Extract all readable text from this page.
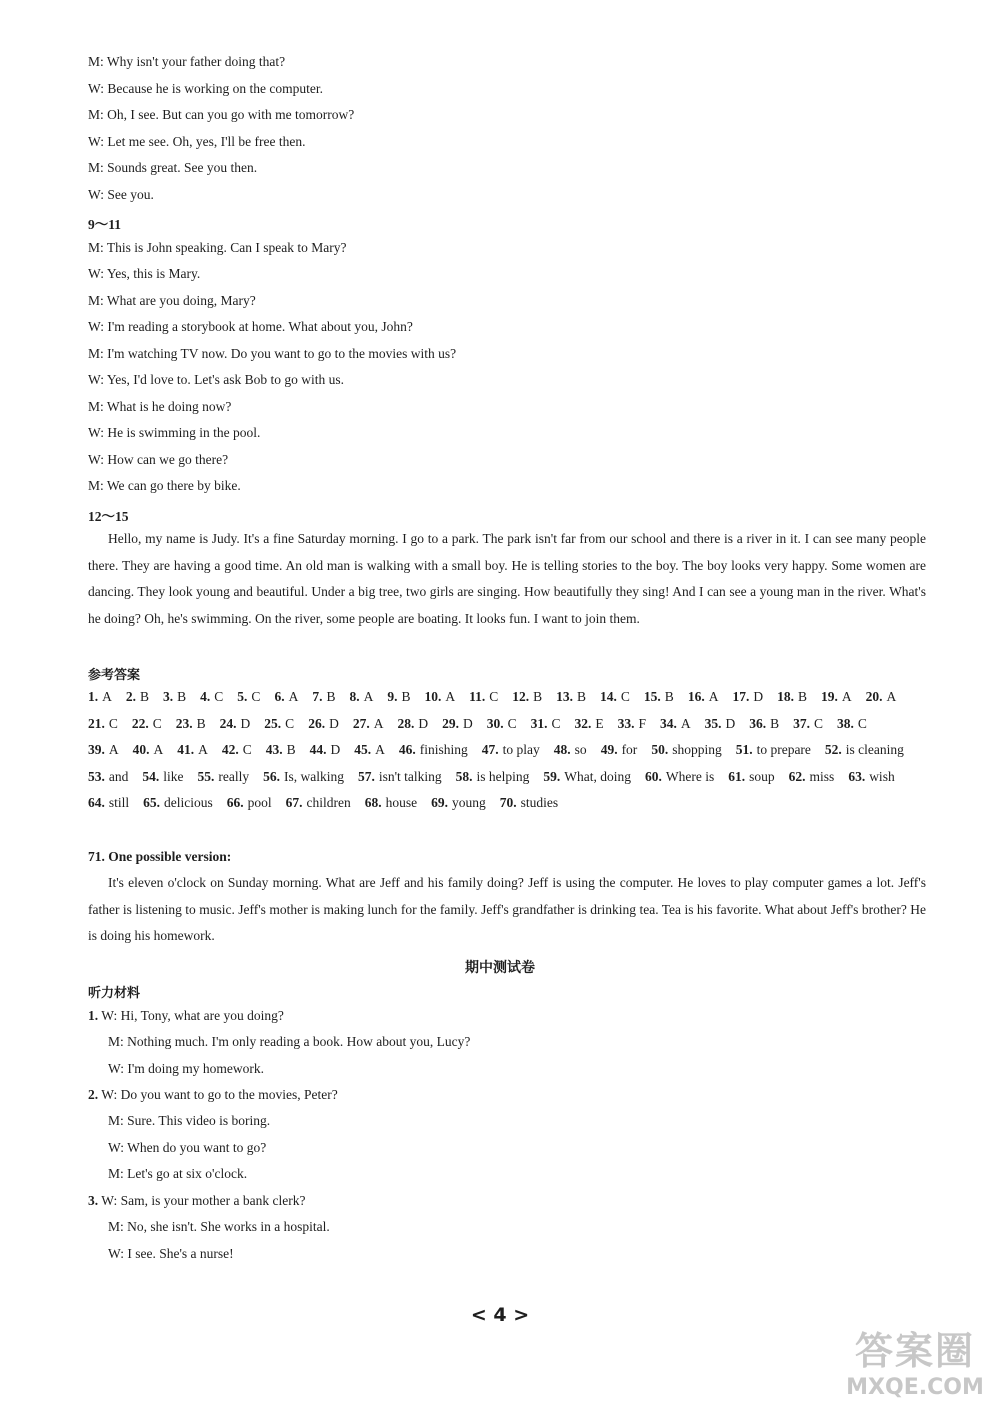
M: Why isn't your father doing that?
W: Because he is working on the computer.
M: Oh, I see. But can you go with me tomorrow?
W: Let me see. Oh, yes, I'll be free then.
M: Sounds great. See you then.
W: See you.
9～11
M: This is John speaking. Can I speak to Mary?
W: Yes, this is Mary.
M: What are you doing, Mary?
W: I'm reading a storybook at home. What about you, John?
M: I'm watching TV now. Do you want to go to the movies with us?
W: Yes, I'd love to. Let's ask Bob to go with us.
M: What is he doing now?
W: He is swimming in the pool.
W: How can we go there?
M: We can go there by bike.
12～15

Hello, my name is Judy. It's a fine Saturday morning. I go to a park. The park isn't far from our school and there is a river in it. I can see many people there. They are having a good time. An old man is walking with a small boy. He is telling stories to the boy. The boy looks very happy. Some women are dancing. They look young and beautiful. Under a big tree, two girls are singing. How beautifully they sing! And I can see a young man in the river. What's he doing? Oh, he's swimming. On the river, some people are boating. It looks fun. I want to join them.

参考答案
1. A 2. B 3. B 4. C 5. C 6. A 7. B 8. A 9. B 10. A 11. C 12. B 13. B 14. C 15. B 16. A 17. D 18. B 19. A 20. A21. C 22. C 23. B 24. D 25. C 26. D 27. A 28. D 29. D 30. C 31. C 32. E 33. F 34. A 35. D 36. B 37. C 38. C39. A 40. A 41. A 42. C 43. B 44. D 45. A 46. finishing 47. to play 48. so 49. for 50. shopping 51. to prepare 52. is cleaning53. and 54. like 55. really 56. Is, walking 57. isn't talking 58. is helping 59. What, doing 60. Where is 61. soup 62. miss 63. wish64. still 65. delicious 66. pool 67. children 68. house 69. young 70. studies
71. One possible version:

It's eleven o'clock on Sunday morning. What are Jeff and his family doing? Jeff is using the computer. He loves to play computer games a lot. Jeff's father is listening to music. Jeff's mother is making lunch for the family. Jeff's grandfather is drinking tea. Tea is his favorite. What about Jeff's brother? He is doing his homework.

期中测试卷
听力材料
1. W: Hi, Tony, what are you doing?
M: Nothing much. I'm only reading a book. How about you, Lucy?
W: I'm doing my homework.
2. W: Do you want to go to the movies, Peter?
M: Sure. This video is boring.
W: When do you want to go?
M: Let's go at six o'clock.
3. W: Sam, is your mother a bank clerk?
M: No, she isn't. She works in a hospital.
W: I see. She's a nurse!
< 4 >
答案圈
MXQE.COM
